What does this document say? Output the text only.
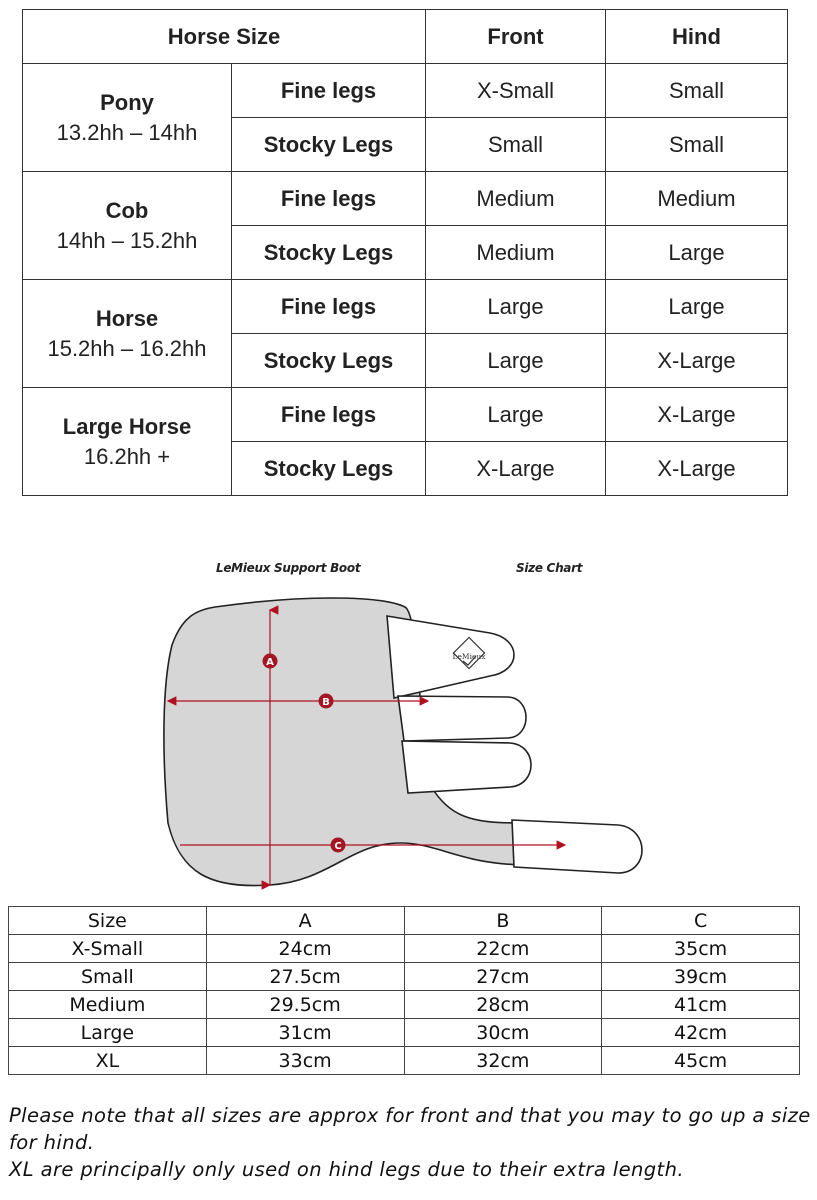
Horse Size		Front	Hind

Pony
13.2hh – 14hh	Fine legs	X-Small	Small
	Stocky Legs	Small	Small

Cob
14hh – 15.2hh	Fine legs	Medium	Medium
	Stocky Legs	Medium	Large

Horse
15.2hh – 16.2hh	Fine legs	Large	Large
	Stocky Legs	Large	X-Large

Large Horse
16.2hh +	Fine legs	Large	X-Large
	Stocky Legs	X-Large	X-Large
LeMieux Support Boot	Size Chart
LeMieux
A
B
C
Size	A	B	C
X-Small	24cm	22cm	35cm
Small	27.5cm	27cm	39cm
Medium	29.5cm	28cm	41cm
Large	31cm	30cm	42cm
XL	33cm	32cm	45cm

Please note that all sizes are approx for front and that you may to go up a size for hind.

XL are principally only used on hind legs due to their extra length.
